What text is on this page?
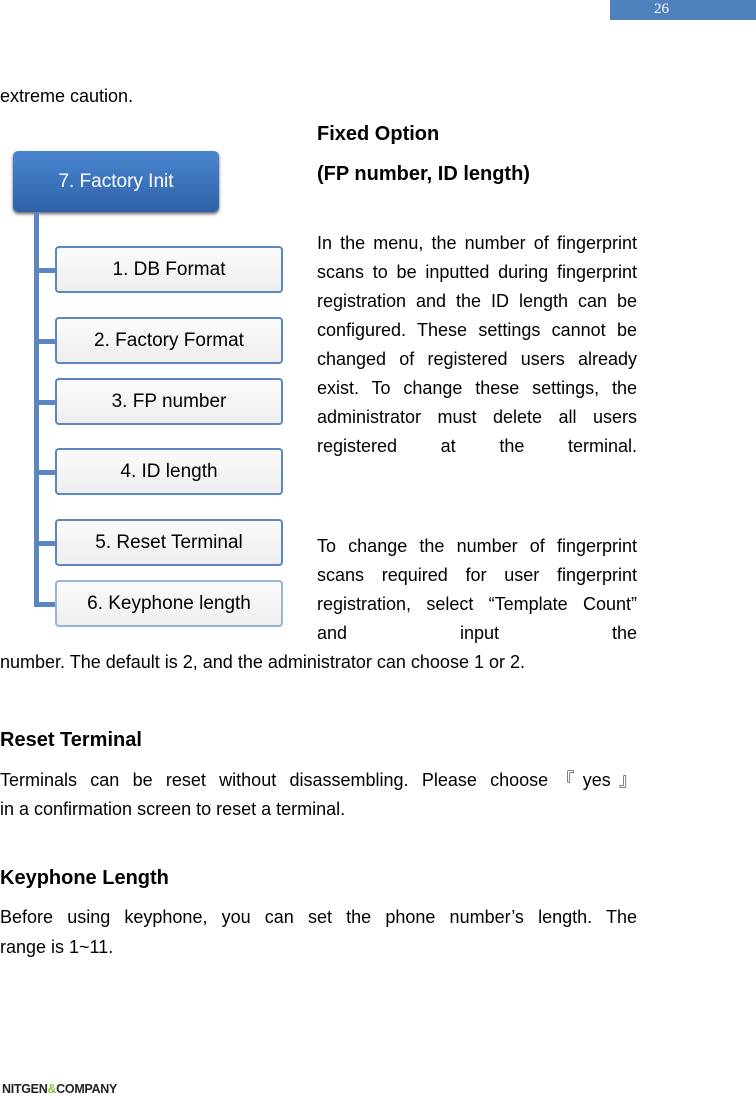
26
extreme caution.
Fixed Option
(FP number, ID length)
In the menu, the number of fingerprint scans to be inputted during fingerprint registration and the ID length can be configured. These settings cannot be changed of registered users already exist. To change these settings, the administrator must delete all users registered at the terminal.
To change the number of fingerprint scans required for user fingerprint registration, select “Template Count” and input the
number. The default is 2, and the administrator can choose 1 or 2.
7. Factory Init
1. DB Format
2. Factory Format
3. FP number
4. ID length
5. Reset Terminal
6. Keyphone length
Reset Terminal
Terminals can be reset without disassembling. Please choose『yes』
in a confirmation screen to reset a terminal.
Keyphone Length
Before using keyphone, you can set the phone number’s length. The
range is 1~11.
NITGEN&COMPANY
